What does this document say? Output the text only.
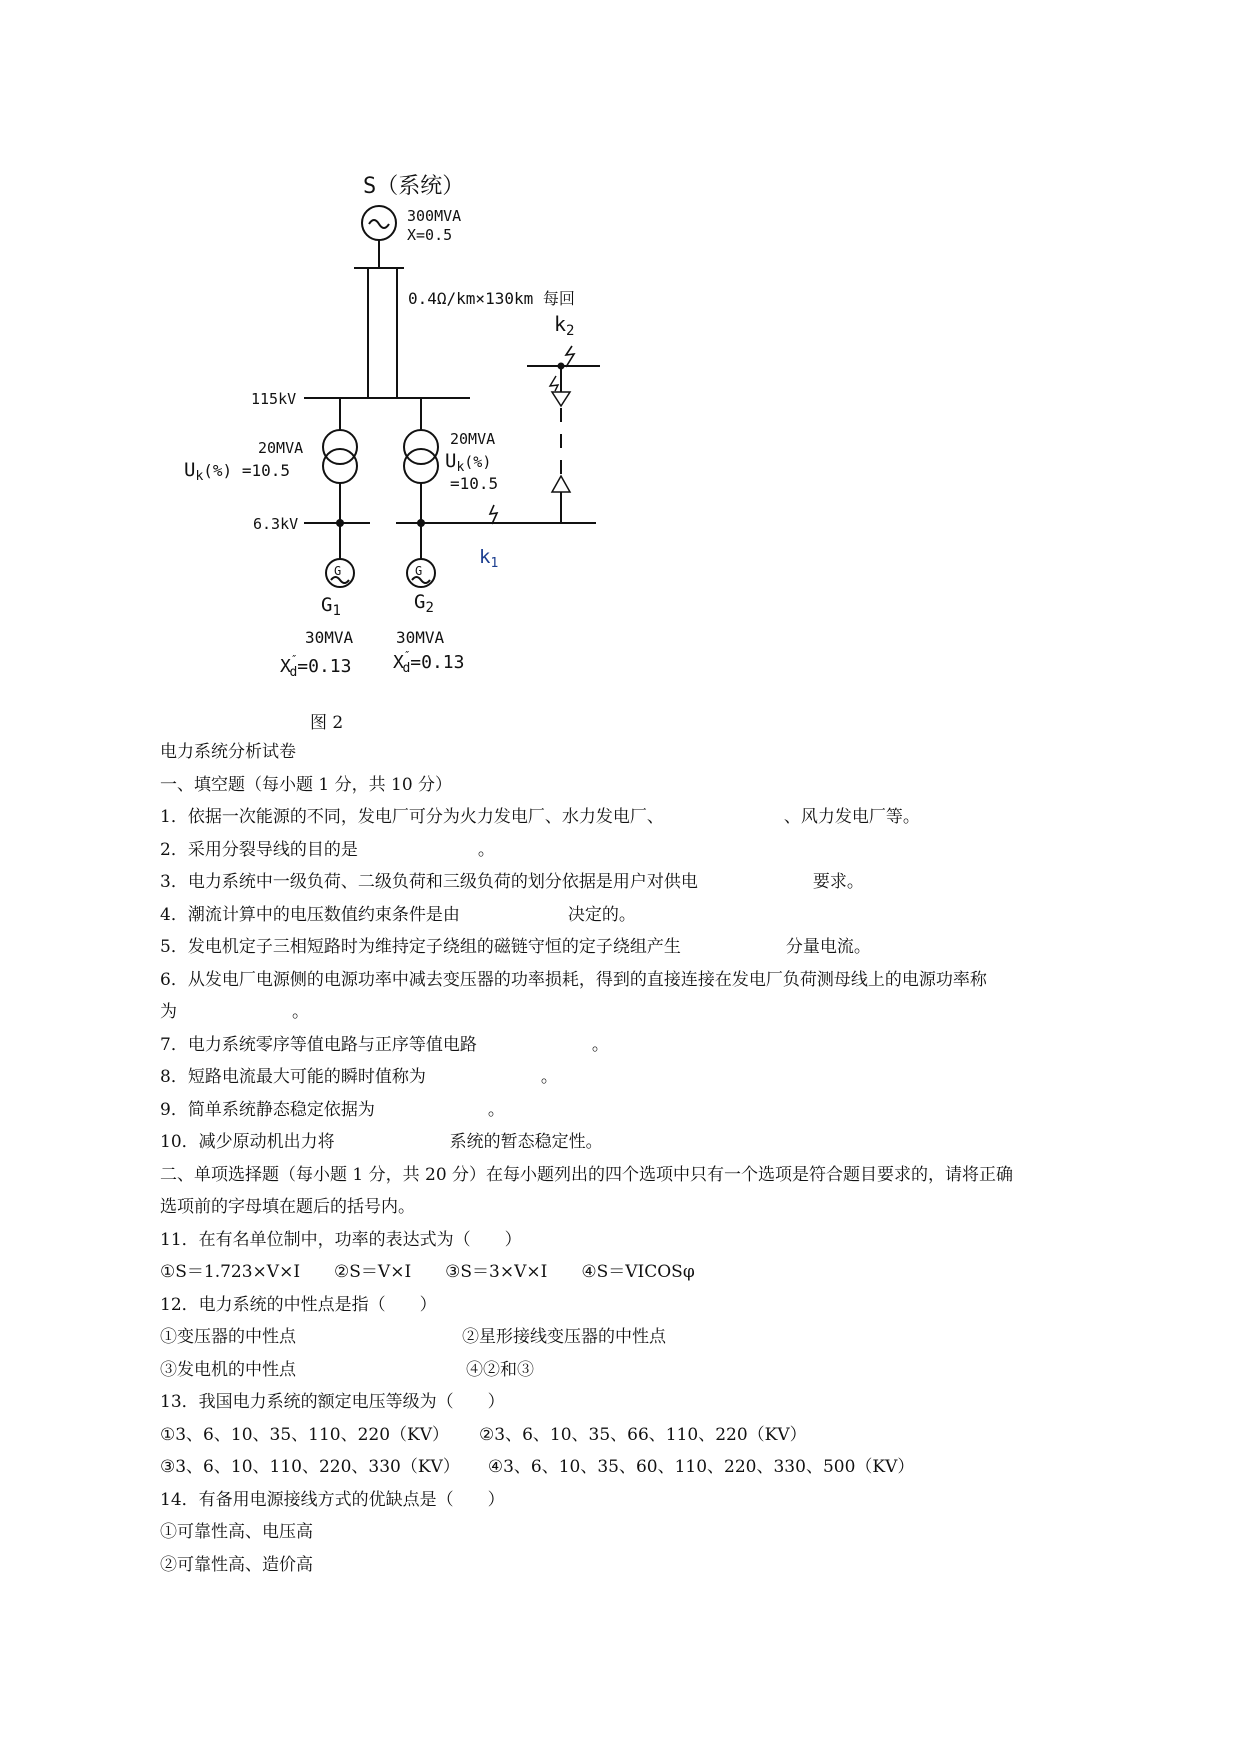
S（系统）
300MVA
X=0.5
0.4Ω/km×130km 每回
$k_2$
115kV
20MVA
$U_k^{(\%) =10.5}$
20MVA
$U_k^{(\%)}$
=10.5
6.3kV
$k_1$
G	G
$G_1$	$G_2$
30MVA	30MVA
X″ d=0.13 X″ d=0.13
图 2
电力系统分析试卷
一、填空题（每小题 1 分，共 10 分）
1．依据一次能源的不同，发电厂可分为火力发电厂、水力发电厂、	、风力发电厂等。
2．采用分裂导线的目的是	。
3．电力系统中一级负荷、二级负荷和三级负荷的划分依据是用户对供电	要求。
4．潮流计算中的电压数值约束条件是由	决定的。
5．发电机定子三相短路时为维持定子绕组的磁链守恒的定子绕组产生	分量电流。
6．从发电厂电源侧的电源功率中减去变压器的功率损耗，得到的直接连接在发电厂负荷测母线上的电源功率称
为	。
7．电力系统零序等值电路与正序等值电路	。
8．短路电流最大可能的瞬时值称为	。
9．简单系统静态稳定依据为	。
10．减少原动机出力将	系统的暂态稳定性。
二、单项选择题（每小题 1 分，共 20 分）在每小题列出的四个选项中只有一个选项是符合题目要求的，请将正确
选项前的字母填在题后的括号内。
11．在有名单位制中，功率的表达式为（　　）
①S＝1.723×V×I ②S＝V×I ③S＝3×V×I ④S＝VICOSφ
12．电力系统的中性点是指（　　）
①变压器的中性点	②星形接线变压器的中性点
③发电机的中性点	④②和③
13．我国电力系统的额定电压等级为（　　）
①3、6、10、35、110、220（KV） ②3、6、10、35、66、110、220（KV）
③3、6、10、110、220、330（KV） ④3、6、10、35、60、110、220、330、500（KV）
14．有备用电源接线方式的优缺点是（　　）
①可靠性高、电压高
②可靠性高、造价高
